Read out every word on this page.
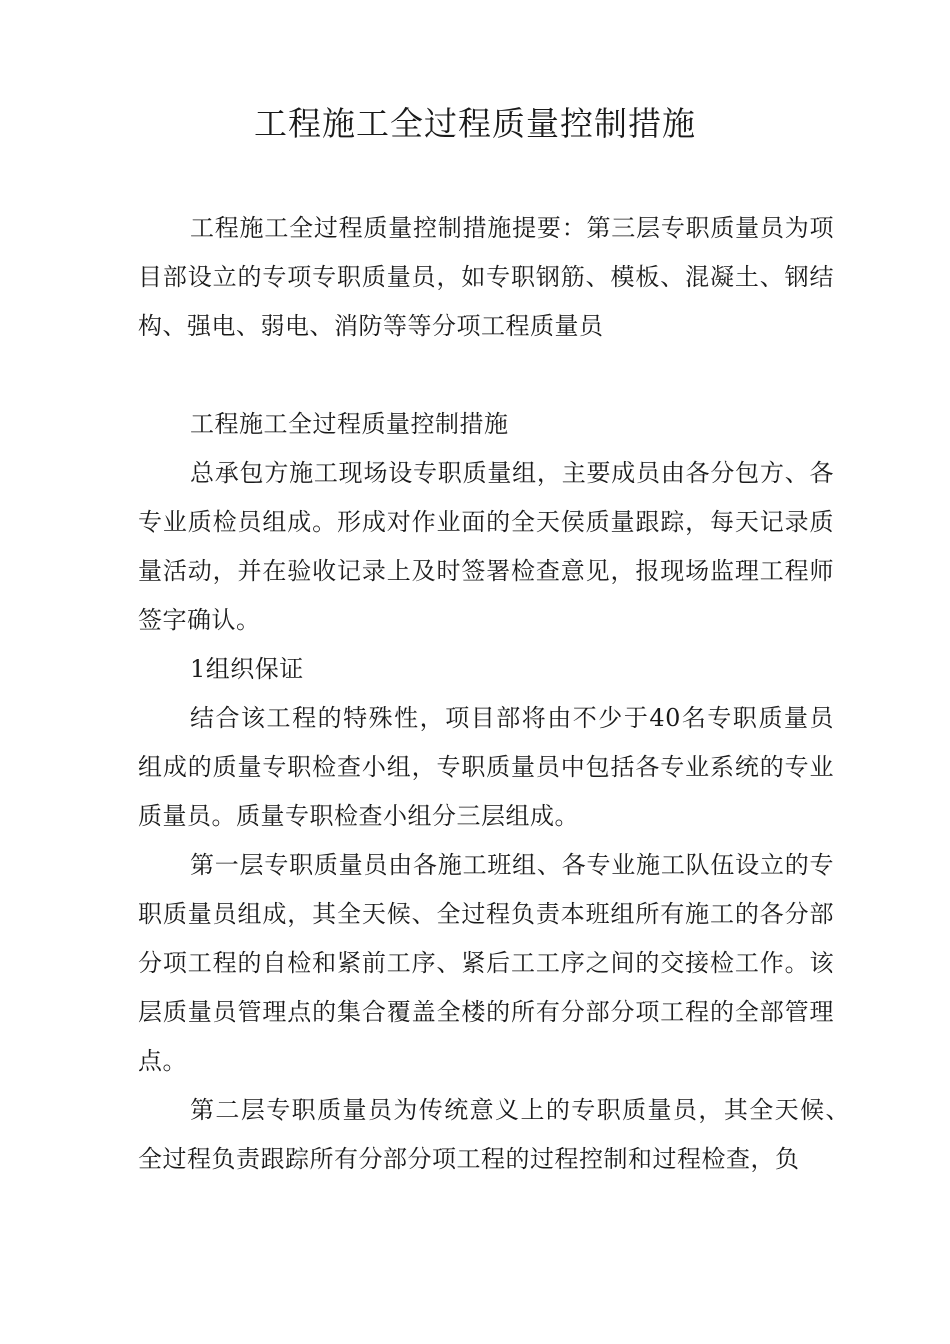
工程施工全过程质量控制措施

工程施工全过程质量控制措施提要：第三层专职质量员为项目部设立的专项专职质量员，如专职钢筋、模板、混凝土、钢结构、强电、弱电、消防等等分项工程质量员

工程施工全过程质量控制措施

总承包方施工现场设专职质量组，主要成员由各分包方、各专业质检员组成。形成对作业面的全天侯质量跟踪，每天记录质量活动，并在验收记录上及时签署检查意见，报现场监理工程师签字确认。

1组织保证

结合该工程的特殊性，项目部将由不少于40名专职质量员组成的质量专职检查小组，专职质量员中包括各专业系统的专业质量员。质量专职检查小组分三层组成。

第一层专职质量员由各施工班组、各专业施工队伍设立的专职质量员组成，其全天候、全过程负责本班组所有施工的各分部分项工程的自检和紧前工序、紧后工工序之间的交接检工作。该层质量员管理点的集合覆盖全楼的所有分部分项工程的全部管理点。

第二层专职质量员为传统意义上的专职质量员，其全天候、全过程负责跟踪所有分部分项工程的过程控制和过程检查，负
